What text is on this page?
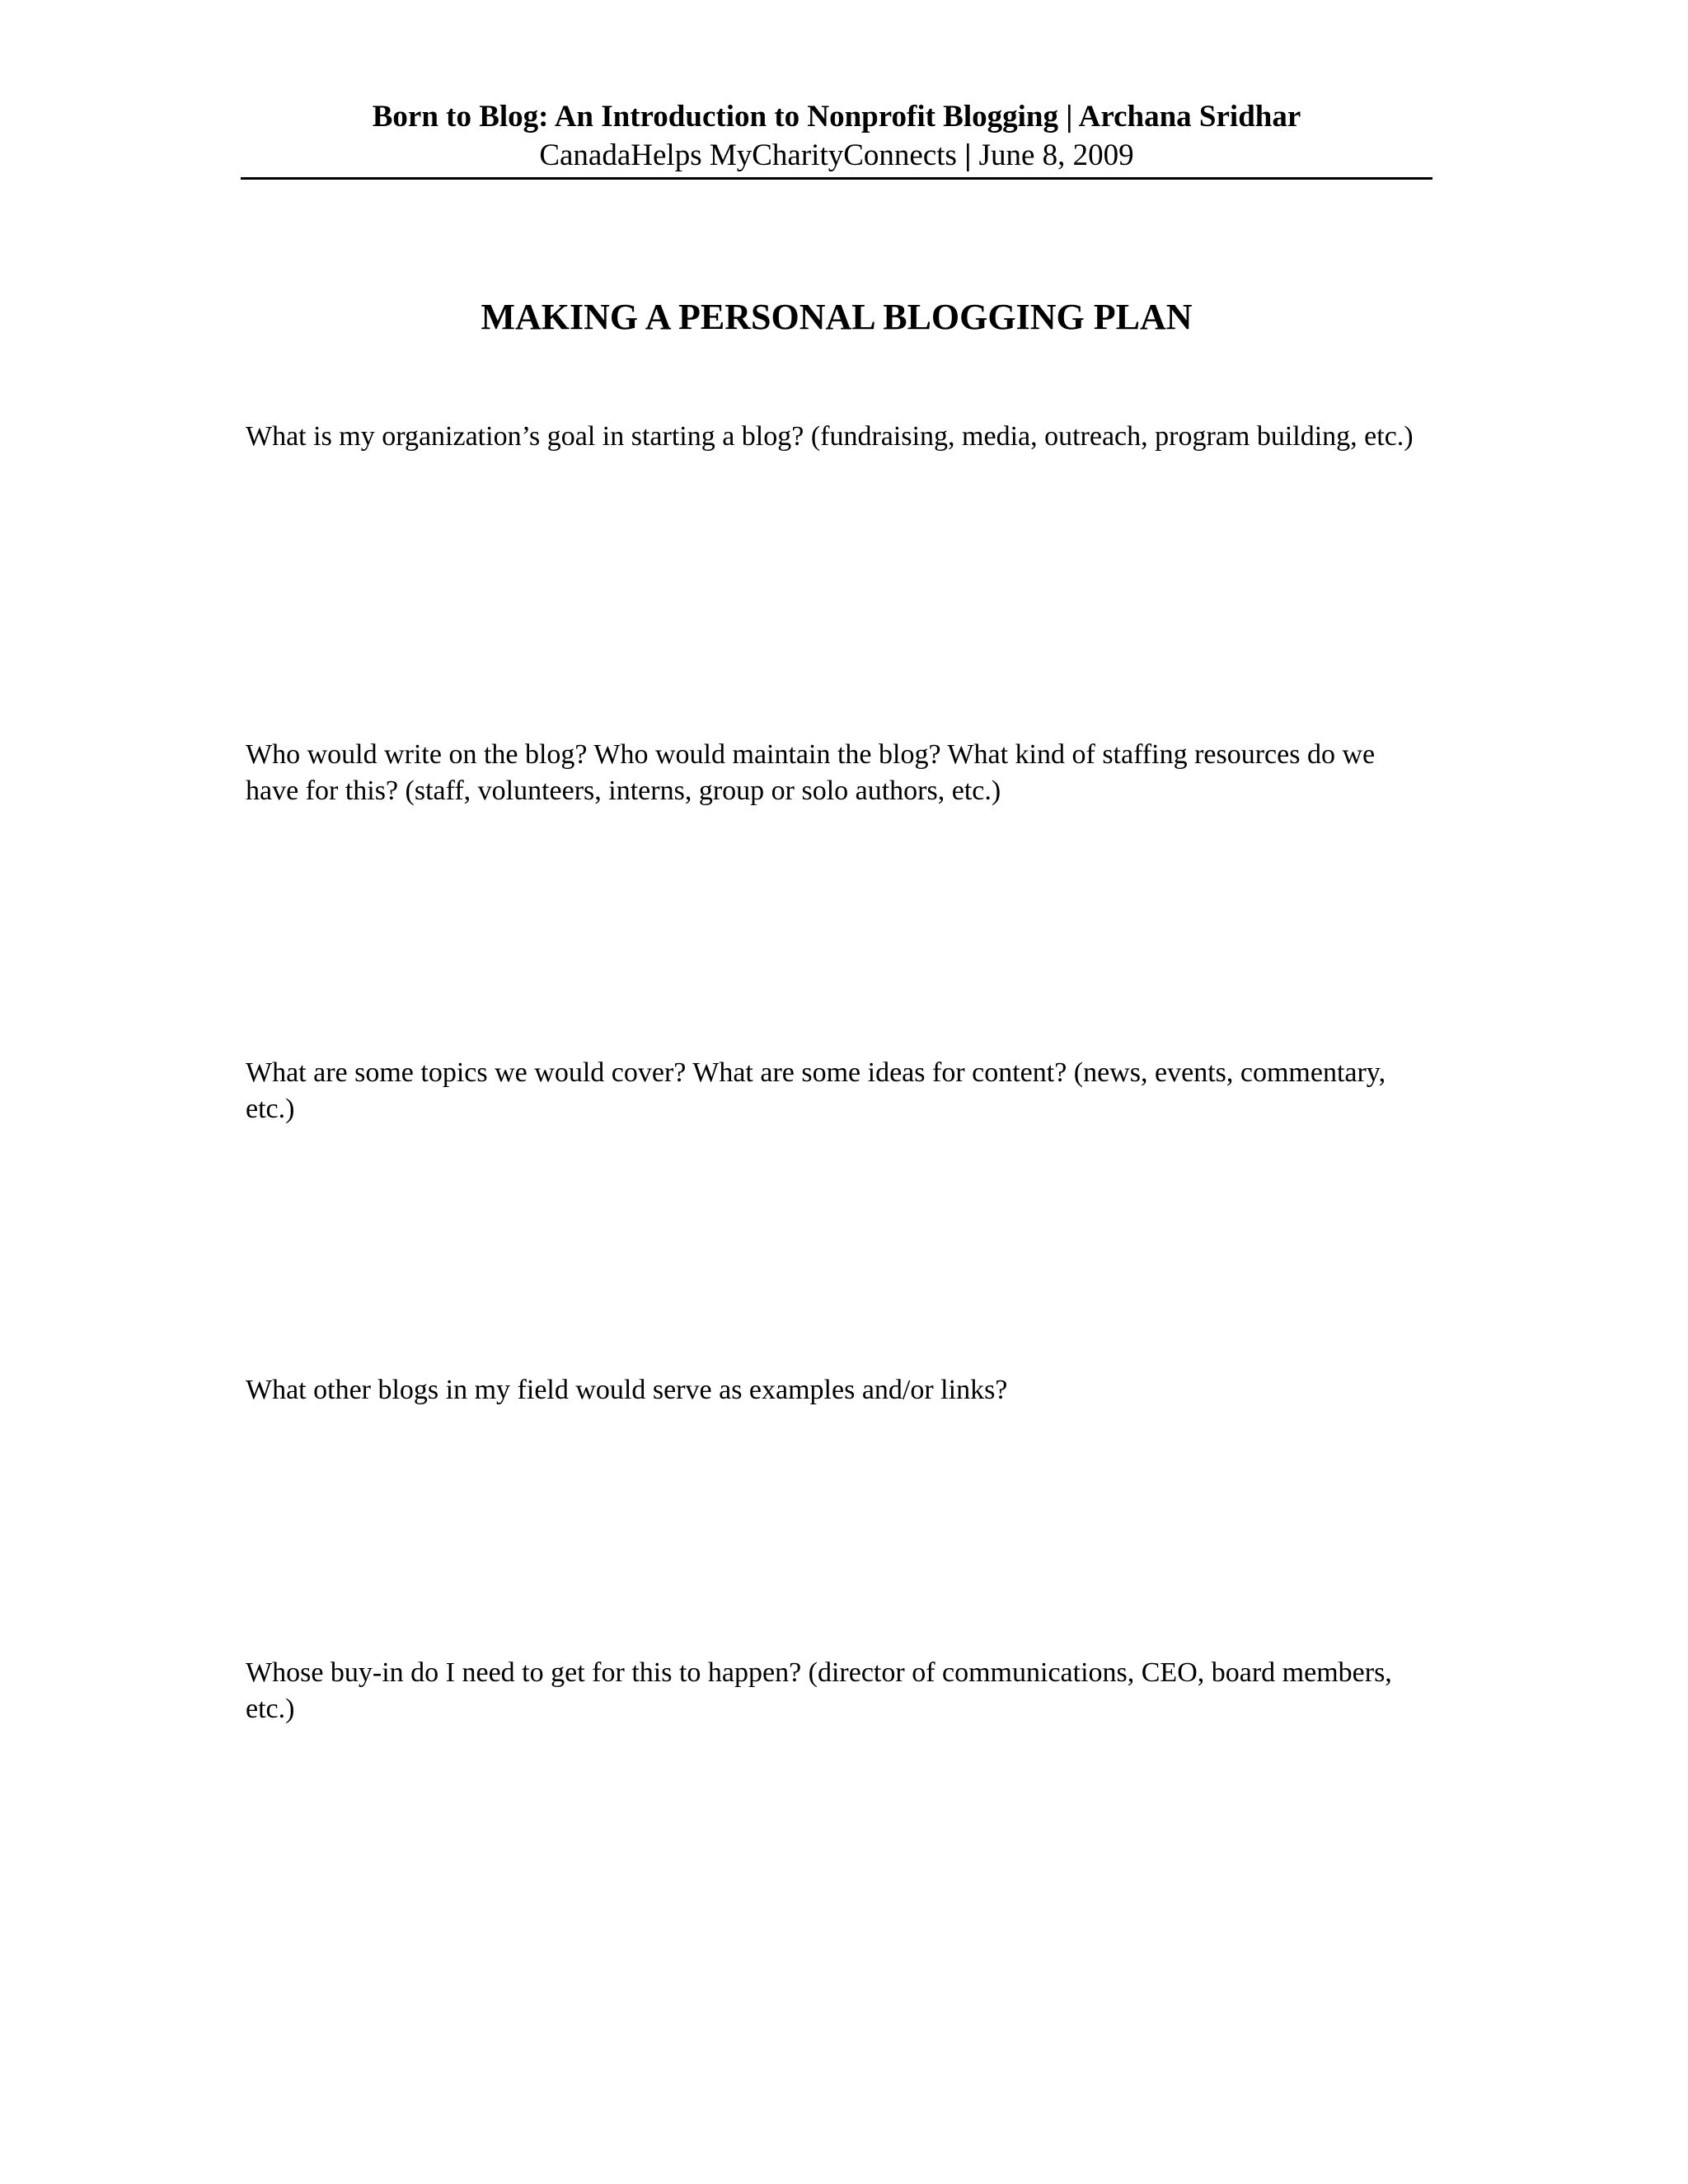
Born to Blog: An Introduction to Nonprofit Blogging | Archana Sridhar
CanadaHelps MyCharityConnects | June 8, 2009
MAKING A PERSONAL BLOGGING PLAN
What is my organization’s goal in starting a blog? (fundraising, media, outreach, program building, etc.)
Who would write on the blog? Who would maintain the blog? What kind of staffing resources do we have for this? (staff, volunteers, interns, group or solo authors, etc.)
What are some topics we would cover? What are some ideas for content? (news, events, commentary, etc.)
What other blogs in my field would serve as examples and/or links?
Whose buy-in do I need to get for this to happen? (director of communications, CEO, board members, etc.)
